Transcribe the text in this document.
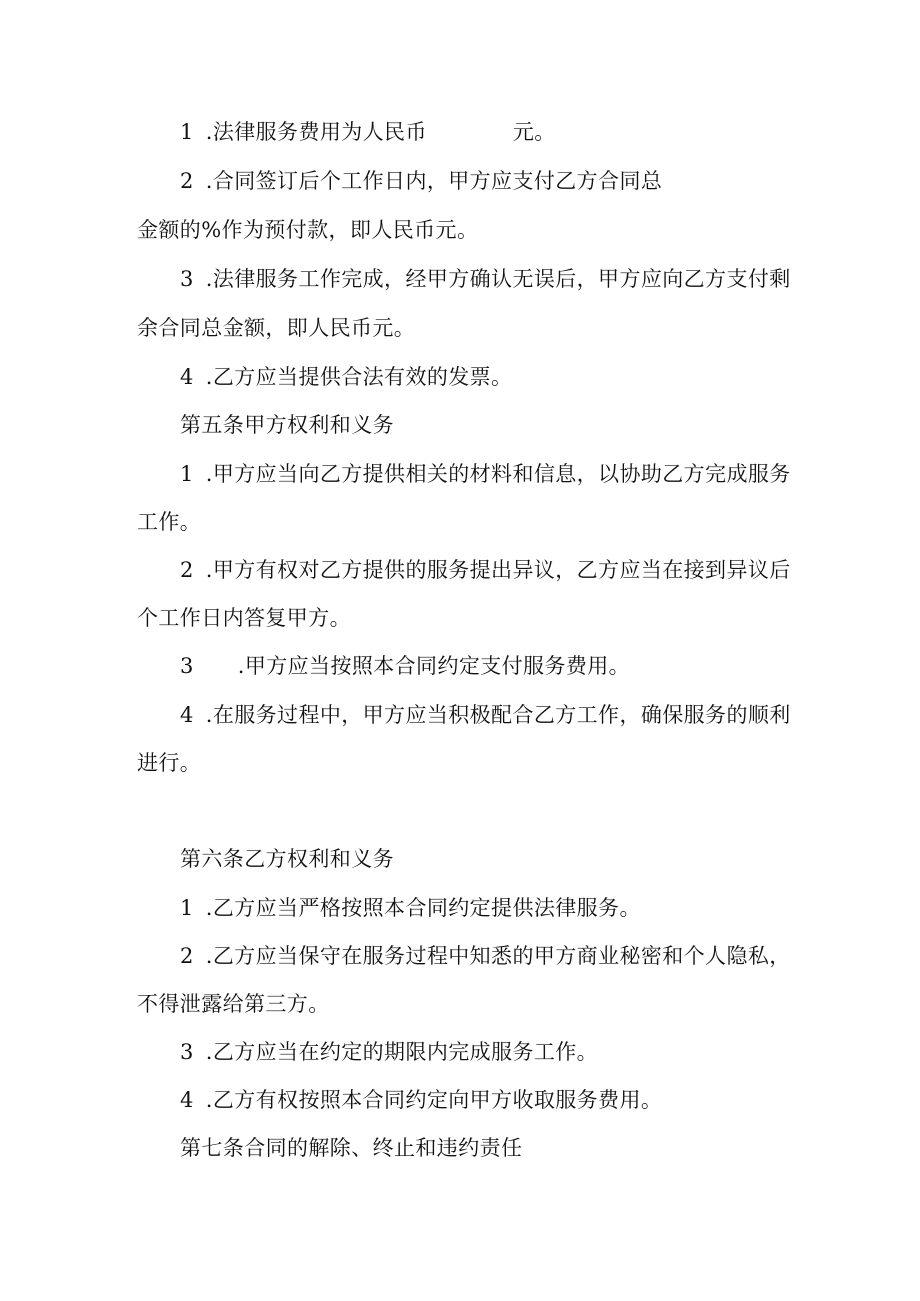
1 .法律服务费用为人民币	元。
2 .合同签订后个工作日内，甲方应支付乙方合同总
金额的%作为预付款，即人民币元。
3 .法律服务工作完成，经甲方确认无误后，甲方应向乙方支付剩
余合同总金额，即人民币元。
4 .乙方应当提供合法有效的发票。
第五条甲方权利和义务
1 .甲方应当向乙方提供相关的材料和信息，以协助乙方完成服务
工作。
2 .甲方有权对乙方提供的服务提出异议，乙方应当在接到异议后
个工作日内答复甲方。
3 .甲方应当按照本合同约定支付服务费用。
4 .在服务过程中，甲方应当积极配合乙方工作，确保服务的顺利
进行。
第六条乙方权利和义务
1 .乙方应当严格按照本合同约定提供法律服务。
2 .乙方应当保守在服务过程中知悉的甲方商业秘密和个人隐私，
不得泄露给第三方。
3 .乙方应当在约定的期限内完成服务工作。
4 .乙方有权按照本合同约定向甲方收取服务费用。
第七条合同的解除、终止和违约责任
